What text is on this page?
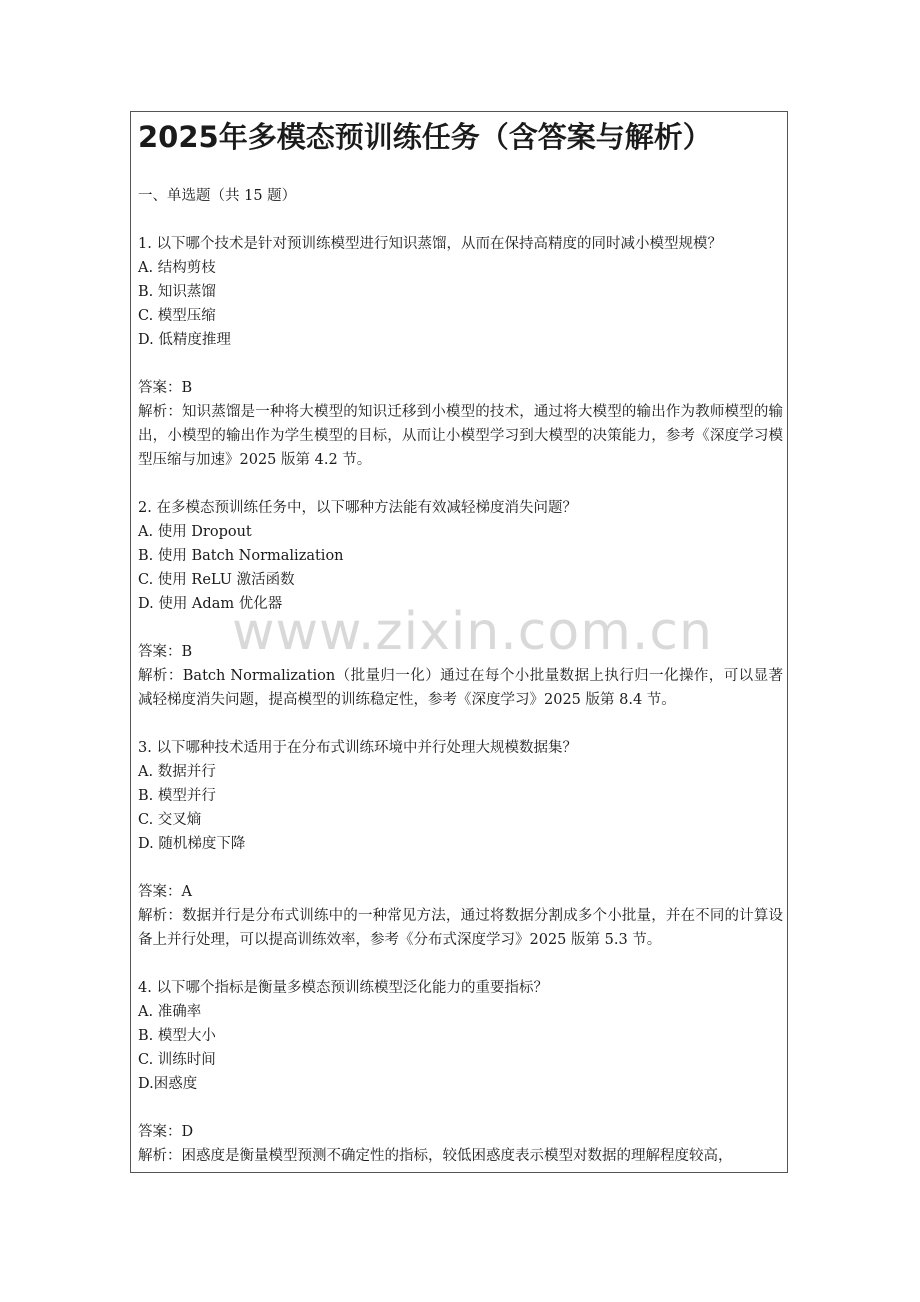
www.zixin.com.cn
2025年多模态预训练任务（含答案与解析）
一、单选题（共 15 题）
1. 以下哪个技术是针对预训练模型进行知识蒸馏，从而在保持高精度的同时减小模型规模？
A. 结构剪枝
B. 知识蒸馏
C. 模型压缩
D. 低精度推理
答案：B
解析：知识蒸馏是一种将大模型的知识迁移到小模型的技术，通过将大模型的输出作为教师模型的输出，小模型的输出作为学生模型的目标，从而让小模型学习到大模型的决策能力，参考《深度学习模型压缩与加速》2025 版第 4.2 节。
2. 在多模态预训练任务中，以下哪种方法能有效减轻梯度消失问题？
A. 使用 Dropout
B. 使用 Batch Normalization
C. 使用 ReLU 激活函数
D. 使用 Adam 优化器
答案：B
解析：Batch Normalization（批量归一化）通过在每个小批量数据上执行归一化操作，可以显著减轻梯度消失问题，提高模型的训练稳定性，参考《深度学习》2025 版第 8.4 节。
3. 以下哪种技术适用于在分布式训练环境中并行处理大规模数据集？
A. 数据并行
B. 模型并行
C. 交叉熵
D. 随机梯度下降
答案：A
解析：数据并行是分布式训练中的一种常见方法，通过将数据分割成多个小批量，并在不同的计算设备上并行处理，可以提高训练效率，参考《分布式深度学习》2025 版第 5.3 节。
4. 以下哪个指标是衡量多模态预训练模型泛化能力的重要指标？
A. 准确率
B. 模型大小
C. 训练时间
D.困惑度
答案：D
解析：困惑度是衡量模型预测不确定性的指标，较低困惑度表示模型对数据的理解程度较高，
